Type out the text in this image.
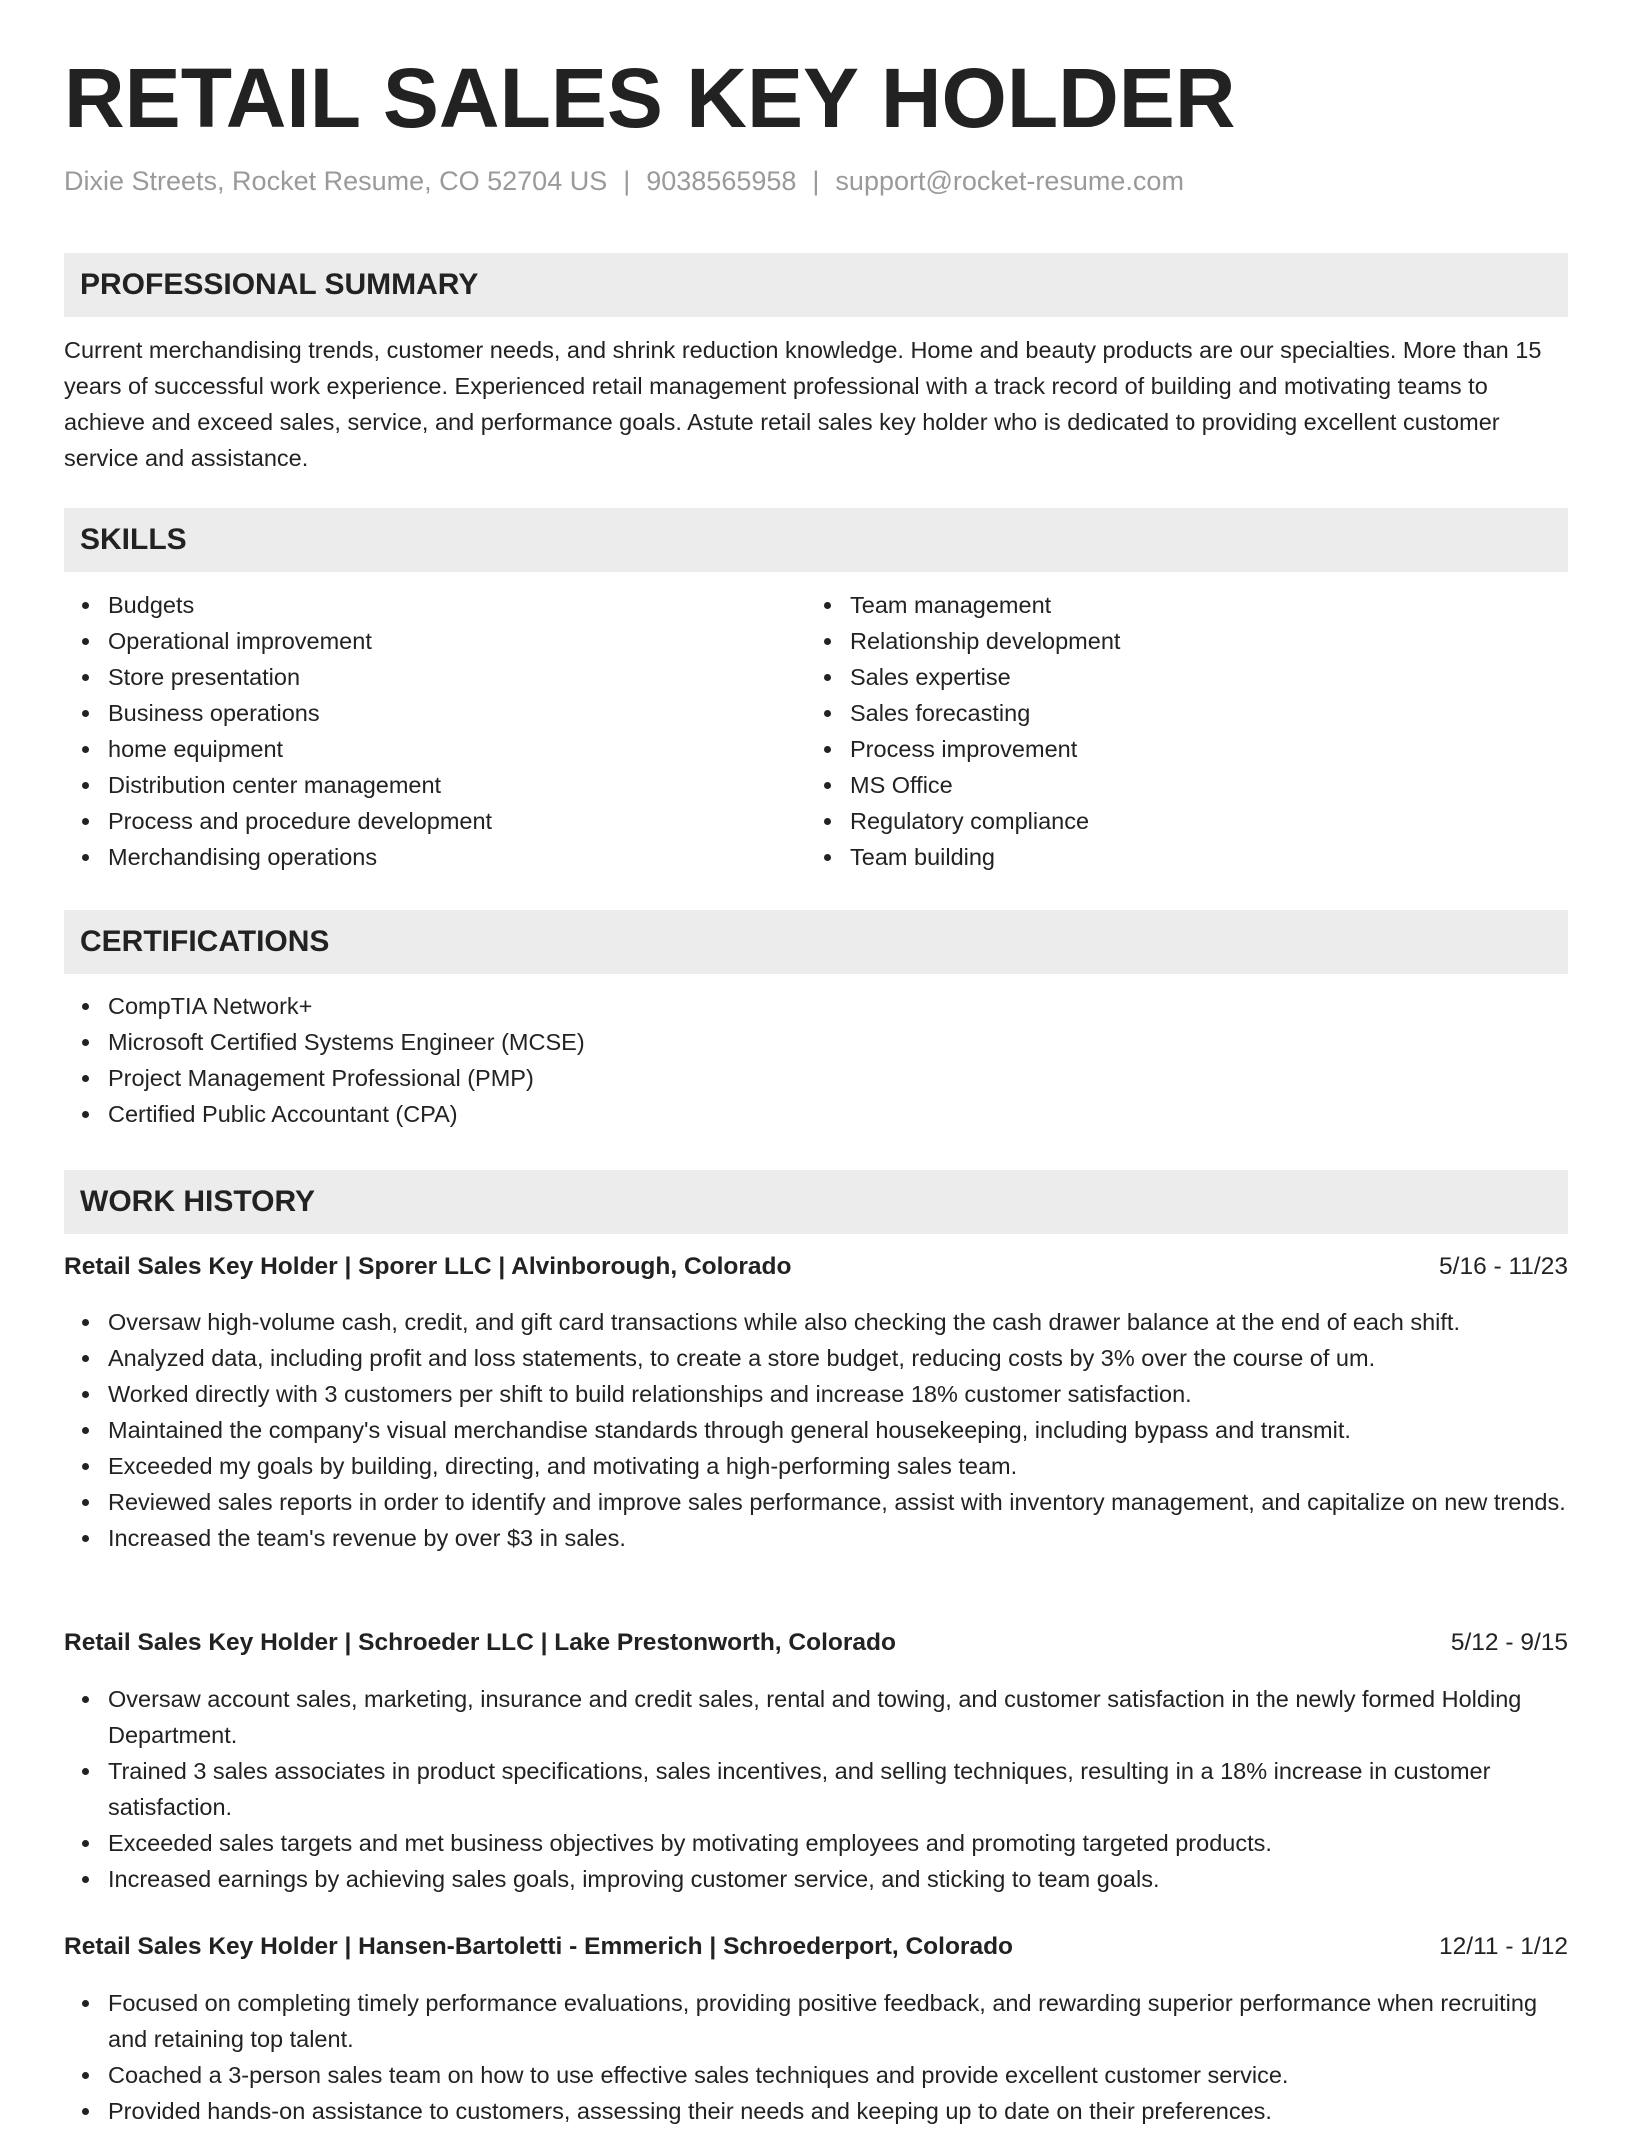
RETAIL SALES KEY HOLDER
Dixie Streets, Rocket Resume, CO 52704 US | 9038565958 | support@rocket-resume.com
PROFESSIONAL SUMMARY

Current merchandising trends, customer needs, and shrink reduction knowledge. Home and beauty products are our specialties. More than 15 years of successful work experience. Experienced retail management professional with a track record of building and motivating teams to achieve and exceed sales, service, and performance goals. Astute retail sales key holder who is dedicated to providing excellent customer service and assistance.

SKILLS
Budgets
Operational improvement
Store presentation
Business operations
home equipment
Distribution center management
Process and procedure development
Merchandising operations
Team management
Relationship development
Sales expertise
Sales forecasting
Process improvement
MS Office
Regulatory compliance
Team building
CERTIFICATIONS
CompTIA Network+
Microsoft Certified Systems Engineer (MCSE)
Project Management Professional (PMP)
Certified Public Accountant (CPA)
WORK HISTORY
Retail Sales Key Holder | Sporer LLC | Alvinborough, Colorado	5/16 - 11/23
Oversaw high-volume cash, credit, and gift card transactions while also checking the cash drawer balance at the end of each shift.
Analyzed data, including profit and loss statements, to create a store budget, reducing costs by 3% over the course of um.
Worked directly with 3 customers per shift to build relationships and increase 18% customer satisfaction.
Maintained the company's visual merchandise standards through general housekeeping, including bypass and transmit.
Exceeded my goals by building, directing, and motivating a high-performing sales team.
Reviewed sales reports in order to identify and improve sales performance, assist with inventory management, and capitalize on new trends.
Increased the team's revenue by over $3 in sales.
Retail Sales Key Holder | Schroeder LLC | Lake Prestonworth, Colorado	5/12 - 9/15
Oversaw account sales, marketing, insurance and credit sales, rental and towing, and customer satisfaction in the newly formed Holding Department.
Trained 3 sales associates in product specifications, sales incentives, and selling techniques, resulting in a 18% increase in customer satisfaction.
Exceeded sales targets and met business objectives by motivating employees and promoting targeted products.
Increased earnings by achieving sales goals, improving customer service, and sticking to team goals.
Retail Sales Key Holder | Hansen-Bartoletti - Emmerich | Schroederport, Colorado	12/11 - 1/12
Focused on completing timely performance evaluations, providing positive feedback, and rewarding superior performance when recruiting and retaining top talent.
Coached a 3-person sales team on how to use effective sales techniques and provide excellent customer service.
Provided hands-on assistance to customers, assessing their needs and keeping up to date on their preferences.
